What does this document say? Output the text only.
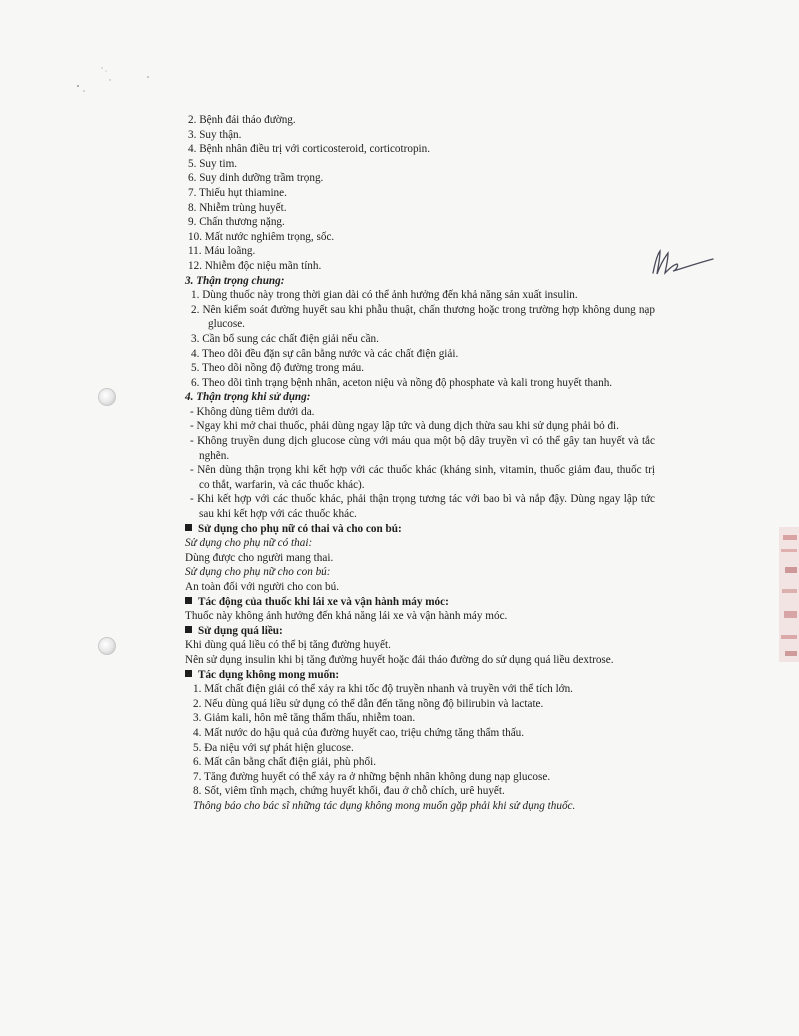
2. Bệnh đái tháo đường.
3. Suy thận.
4. Bệnh nhân điều trị với corticosteroid, corticotropin.
5. Suy tim.
6. Suy dinh dưỡng trầm trọng.
7. Thiếu hụt thiamine.
8. Nhiễm trùng huyết.
9. Chấn thương nặng.
10. Mất nước nghiêm trọng, sốc.
11. Máu loãng.
12. Nhiễm độc niệu mãn tính.
3. Thận trọng chung:
1. Dùng thuốc này trong thời gian dài có thể ảnh hưởng đến khả năng sản xuất insulin.
2. Nên kiểm soát đường huyết sau khi phẫu thuật, chấn thương hoặc trong trường hợp không dung nạp glucose.
3. Cần bổ sung các chất điện giải nếu cần.
4. Theo dõi đều đặn sự cân bằng nước và các chất điện giải.
5. Theo dõi nồng độ đường trong máu.
6. Theo dõi tình trạng bệnh nhân, aceton niệu và nồng độ phosphate và kali trong huyết thanh.
4. Thận trọng khi sử dụng:
- Không dùng tiêm dưới da.
- Ngay khi mở chai thuốc, phải dùng ngay lập tức và dung dịch thừa sau khi sử dụng phải bỏ đi.
- Không truyền dung dịch glucose cùng với máu qua một bộ dây truyền vì có thể gây tan huyết và tắc nghẽn.
- Nên dùng thận trọng khi kết hợp với các thuốc khác (kháng sinh, vitamin, thuốc giảm đau, thuốc trị co thắt, warfarin, và các thuốc khác).
- Khi kết hợp với các thuốc khác, phải thận trọng tương tác với bao bì và nắp đậy. Dùng ngay lập tức sau khi kết hợp với các thuốc khác.
Sử dụng cho phụ nữ có thai và cho con bú:
Sử dụng cho phụ nữ có thai:
Dùng được cho người mang thai.
Sử dụng cho phụ nữ cho con bú:
An toàn đối với người cho con bú.
Tác động của thuốc khi lái xe và vận hành máy móc:
Thuốc này không ảnh hưởng đến khả năng lái xe và vận hành máy móc.
Sử dụng quá liều:
Khi dùng quá liều có thể bị tăng đường huyết.
Nên sử dụng insulin khi bị tăng đường huyết hoặc đái tháo đường do sử dụng quá liều dextrose.
Tác dụng không mong muốn:
1. Mất chất điện giải có thể xảy ra khi tốc độ truyền nhanh và truyền với thể tích lớn.
2. Nếu dùng quá liều sử dụng có thể dẫn đến tăng nồng độ bilirubin và lactate.
3. Giảm kali, hôn mê tăng thẩm thấu, nhiễm toan.
4. Mất nước do hậu quả của đường huyết cao, triệu chứng tăng thẩm thấu.
5. Đa niệu với sự phát hiện glucose.
6. Mất cân bằng chất điện giải, phù phổi.
7. Tăng đường huyết có thể xảy ra ở những bệnh nhân không dung nạp glucose.
8. Sốt, viêm tĩnh mạch, chứng huyết khối, đau ở chỗ chích, urê huyết.
Thông báo cho bác sĩ những tác dụng không mong muốn gặp phải khi sử dụng thuốc.
